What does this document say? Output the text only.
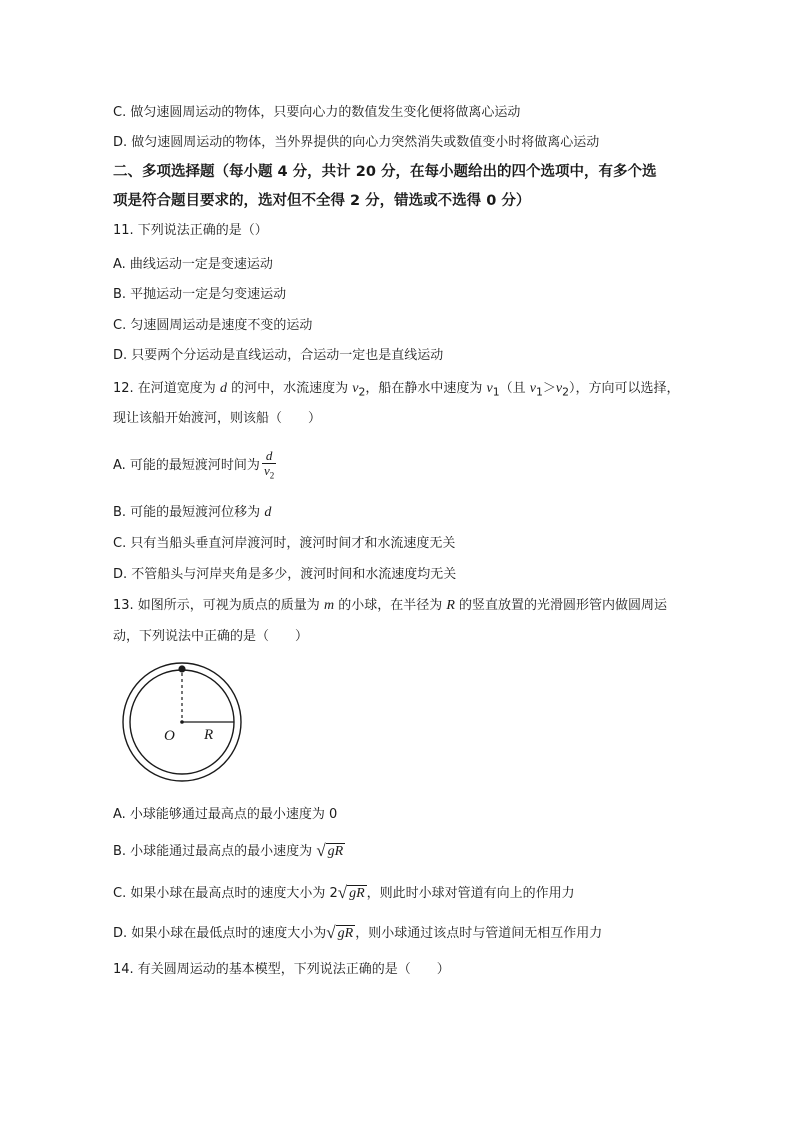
C. 做匀速圆周运动的物体，只要向心力的数值发生变化便将做离心运动
D. 做匀速圆周运动的物体，当外界提供的向心力突然消失或数值变小时将做离心运动
二、多项选择题（每小题 4 分，共计 20 分，在每小题给出的四个选项中，有多个选
项是符合题目要求的，选对但不全得 2 分，错选或不选得 0 分）
11. 下列说法正确的是（）
A. 曲线运动一定是变速运动
B. 平抛运动一定是匀变速运动
C. 匀速圆周运动是速度不变的运动
D. 只要两个分运动是直线运动，合运动一定也是直线运动
12. 在河道宽度为 d 的河中，水流速度为 $v_2$，船在静水中速度为 $v_1$（且 $v_1>v_2$），方向可以选择，
现让该船开始渡河，则该船（　　）
A. 可能的最短渡河时间为 $\frac{d}{v_2}$
B. 可能的最短渡河位移为 d
C. 只有当船头垂直河岸渡河时，渡河时间才和水流速度无关
D. 不管船头与河岸夹角是多少，渡河时间和水流速度均无关
13. 如图所示，可视为质点的质量为 m 的小球，在半径为 R 的竖直放置的光滑圆形管内做圆周运
动，下列说法中正确的是（　　）
O R
A. 小球能够通过最高点的最小速度为 0
B. 小球能通过最高点的最小速度为 √ gR
C. 如果小球在最高点时的速度大小为 2√ gR ，则此时小球对管道有向上的作用力
D. 如果小球在最低点时的速度大小为√ gR ，则小球通过该点时与管道间无相互作用力
14. 有关圆周运动的基本模型，下列说法正确的是（　　）
